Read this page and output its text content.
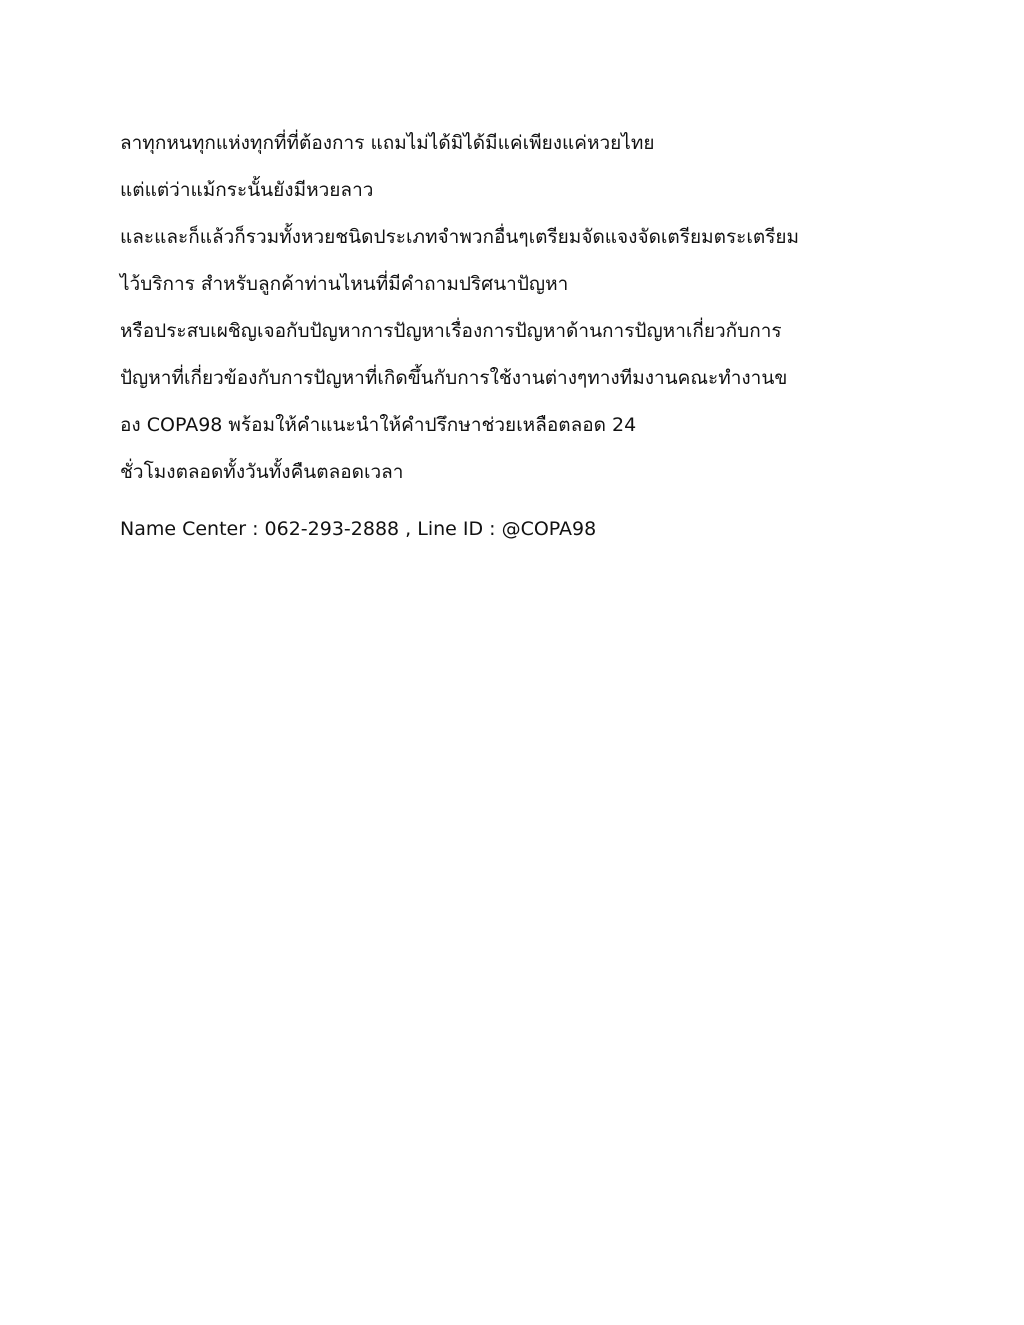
ลาทุกหนทุกแห่งทุกที่ที่ต้องการ แถมไม่ได้มิได้มีแค่เพียงแค่หวยไทย

แต่แต่ว่าแม้กระนั้นยังมีหวยลาว

และและก็แล้วก็รวมทั้งหวยชนิดประเภทจำพวกอื่นๆเตรียมจัดแจงจัดเตรียมตระเตรียม

ไว้บริการ สำหรับลูกค้าท่านไหนที่มีคำถามปริศนาปัญหา

หรือประสบเผชิญเจอกับปัญหาการปัญหาเรื่องการปัญหาด้านการปัญหาเกี่ยวกับการ

ปัญหาที่เกี่ยวข้องกับการปัญหาที่เกิดขึ้นกับการใช้งานต่างๆทางทีมงานคณะทำงานข

อง COPA98 พร้อมให้คำแนะนำให้คำปรึกษาช่วยเหลือตลอด 24

ชั่วโมงตลอดทั้งวันทั้งคืนตลอดเวลา

Name Center : 062-293-2888 , Line ID : @COPA98
